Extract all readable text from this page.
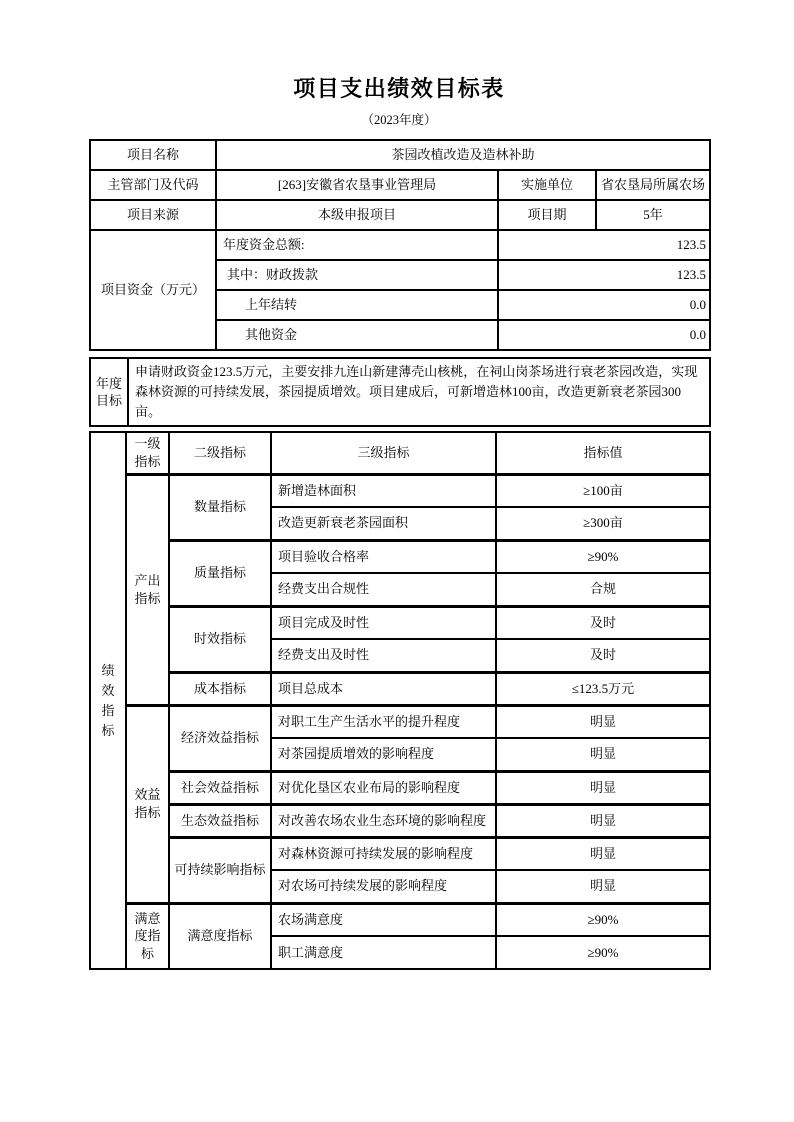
项目支出绩效目标表
（2023年度）
项目名称	茶园改植改造及造林补助		
主管部门及代码	[263]安徽省农垦事业管理局	实施单位	省农垦局所属农场
项目来源	本级申报项目	项目期	5年
项目资金（万元）	年度资金总额:	123.5	
	其中：财政拨款	123.5	
	上年结转	0.0	
	其他资金	0.0	
年度目标	申请财政资金123.5万元，主要安排九连山新建薄壳山核桃，在祠山岗茶场进行衰老茶园改造，实现森林资源的可持续发展，茶园提质增效。项目建成后，可新增造林100亩，改造更新衰老茶园300亩。
绩效指标	一级指标	二级指标	三级指标	指标值
	产出指标	数量指标	新增造林面积	≥100亩
			改造更新衰老茶园面积	≥300亩
		质量指标	项目验收合格率	≥90%
			经费支出合规性	合规
		时效指标	项目完成及时性	及时
			经费支出及时性	及时
		成本指标	项目总成本	≤123.5万元
	效益指标	经济效益指标	对职工生产生活水平的提升程度	明显
			对茶园提质增效的影响程度	明显
		社会效益指标	对优化垦区农业布局的影响程度	明显
		生态效益指标	对改善农场农业生态环境的影响程度	明显
		可持续影响指标	对森林资源可持续发展的影响程度	明显
			对农场可持续发展的影响程度	明显
	满意度指标	满意度指标	农场满意度	≥90%
			职工满意度	≥90%
